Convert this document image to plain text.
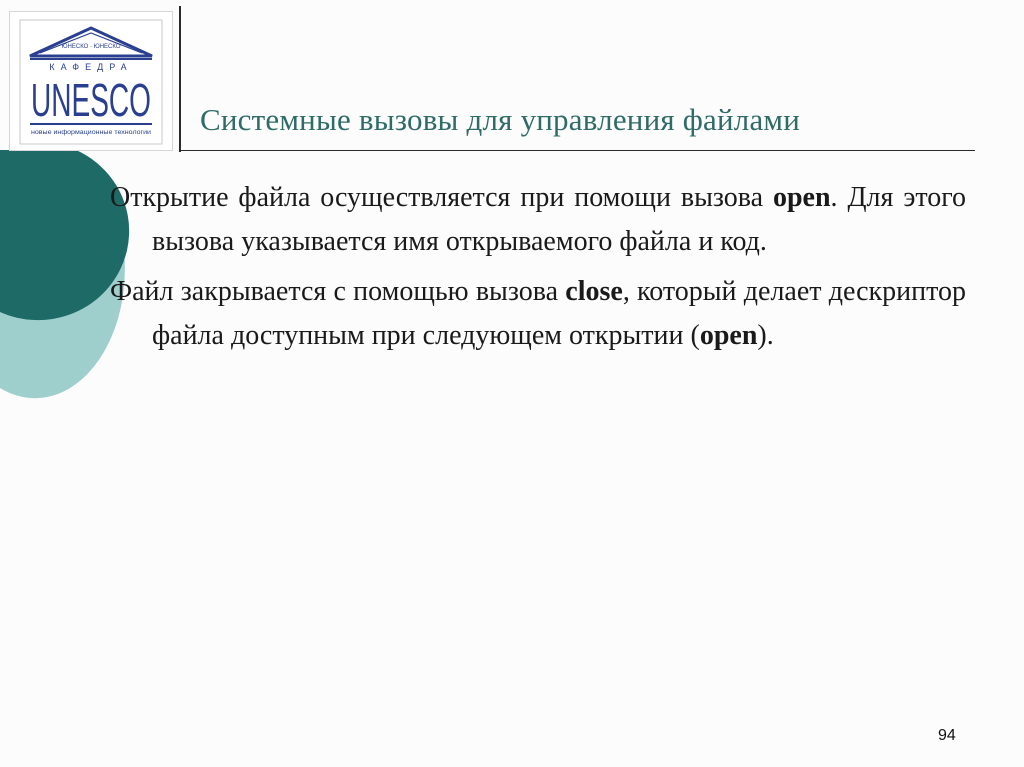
ЮНЕСКО · ЮНЕСКО
КАФЕДРА
UNESCO
новые информационные технологии Системные вызовы для управления файлами

Открытие файла осуществляется при помощи вызова open. Для этого вызова указывается имя открываемого файла и код.

Файл закрывается с помощью вызова close, который делает дескриптор файла доступным при следующем открытии (open).

94
